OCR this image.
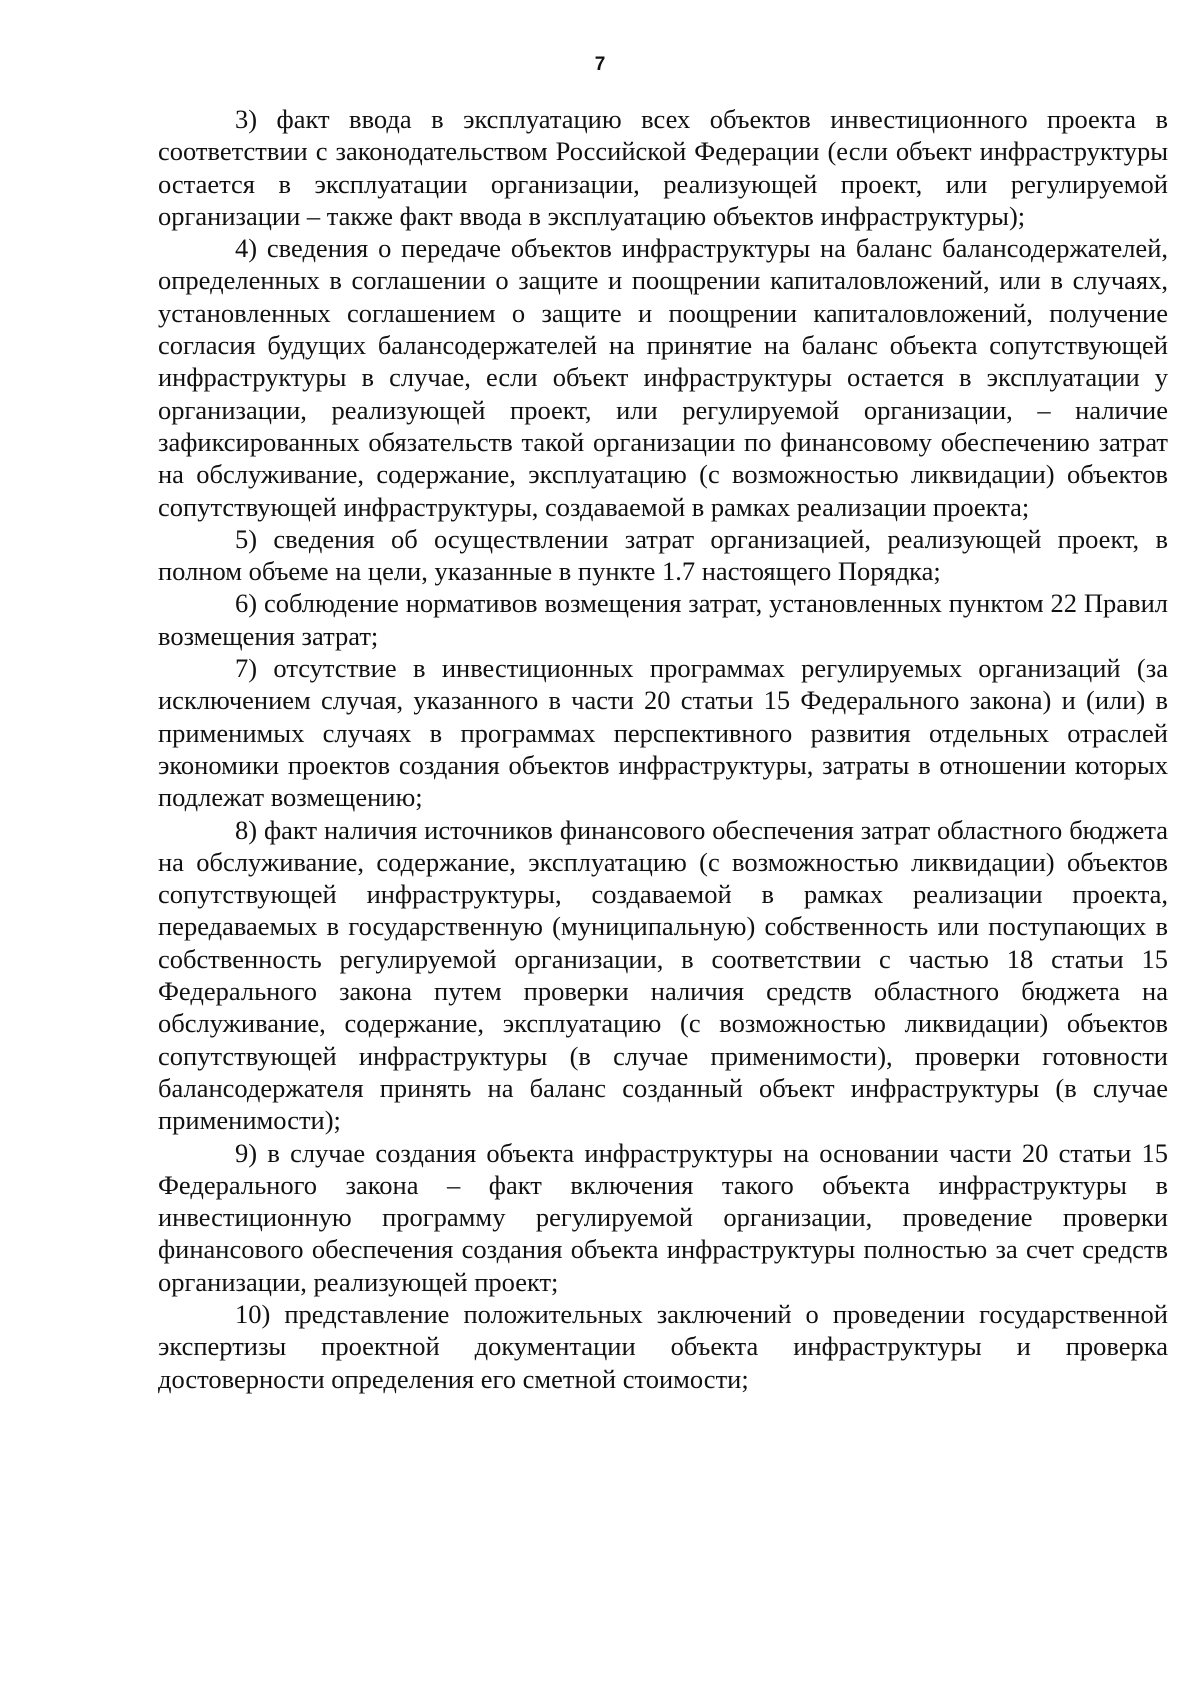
7

3) факт ввода в эксплуатацию всех объектов инвестиционного проекта в соответствии с законодательством Российской Федерации (если объект инфраструктуры остается в эксплуатации организации, реализующей проект, или регулируемой организации – также факт ввода в эксплуатацию объектов инфраструктуры);

4) сведения о передаче объектов инфраструктуры на баланс балансодержателей, определенных в соглашении о защите и поощрении капиталовложений, или в случаях, установленных соглашением о защите и поощрении капиталовложений, получение согласия будущих балансодержателей на принятие на баланс объекта сопутствующей инфраструктуры в случае, если объект инфраструктуры остается в эксплуатации у организации, реализующей проект, или регулируемой организации, – наличие зафиксированных обязательств такой организации по финансовому обеспечению затрат на обслуживание, содержание, эксплуатацию (с возможностью ликвидации) объектов сопутствующей инфраструктуры, создаваемой в рамках реализации проекта;

5) сведения об осуществлении затрат организацией, реализующей проект, в полном объеме на цели, указанные в пункте 1.7 настоящего Порядка;

6) соблюдение нормативов возмещения затрат, установленных пунктом 22 Правил возмещения затрат;

7) отсутствие в инвестиционных программах регулируемых организаций (за исключением случая, указанного в части 20 статьи 15 Федерального закона) и (или) в применимых случаях в программах перспективного развития отдельных отраслей экономики проектов создания объектов инфраструктуры, затраты в отношении которых подлежат возмещению;

8) факт наличия источников финансового обеспечения затрат областного бюджета на обслуживание, содержание, эксплуатацию (с возможностью ликвидации) объектов сопутствующей инфраструктуры, создаваемой в рамках реализации проекта, передаваемых в государственную (муниципальную) собственность или поступающих в собственность регулируемой организации, в соответствии с частью 18 статьи 15 Федерального закона путем проверки наличия средств областного бюджета на обслуживание, содержание, эксплуатацию (с возможностью ликвидации) объектов сопутствующей инфраструктуры (в случае применимости), проверки готовности балансодержателя принять на баланс созданный объект инфраструктуры (в случае применимости);

9) в случае создания объекта инфраструктуры на основании части 20 статьи 15 Федерального закона – факт включения такого объекта инфраструктуры в инвестиционную программу регулируемой организации, проведение проверки финансового обеспечения создания объекта инфраструктуры полностью за счет средств организации, реализующей проект;

10) представление положительных заключений о проведении государственной экспертизы проектной документации объекта инфраструктуры и проверка достоверности определения его сметной стоимости;
